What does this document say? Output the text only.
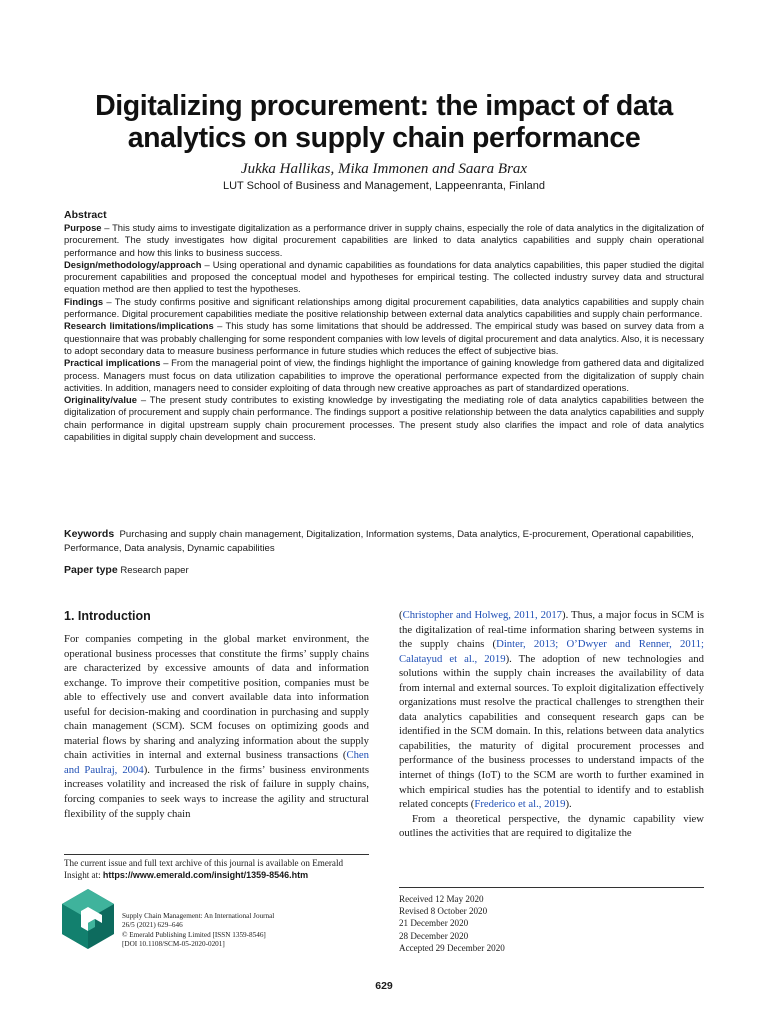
Digitalizing procurement: the impact of data analytics on supply chain performance
Jukka Hallikas, Mika Immonen and Saara Brax
LUT School of Business and Management, Lappeenranta, Finland
Abstract

Purpose – This study aims to investigate digitalization as a performance driver in supply chains, especially the role of data analytics in the digitalization of procurement. The study investigates how digital procurement capabilities are linked to data analytics capabilities and supply chain operational performance and how this links to business success.

Design/methodology/approach – Using operational and dynamic capabilities as foundations for data analytics capabilities, this paper studied the digital procurement capabilities and proposed the conceptual model and hypotheses for empirical testing. The collected industry survey data and structural equation method are then applied to test the hypotheses.

Findings – The study confirms positive and significant relationships among digital procurement capabilities, data analytics capabilities and supply chain performance. Digital procurement capabilities mediate the positive relationship between external data analytics capabilities and supply chain performance.

Research limitations/implications – This study has some limitations that should be addressed. The empirical study was based on survey data from a questionnaire that was probably challenging for some respondent companies with low levels of digital procurement and data analytics. Also, it is necessary to adopt secondary data to measure business performance in future studies which reduces the effect of subjective bias.

Practical implications – From the managerial point of view, the findings highlight the importance of gaining knowledge from gathered data and digitalized process. Managers must focus on data utilization capabilities to improve the operational performance expected from the digitalization of supply chain activities. In addition, managers need to consider exploiting of data through new creative approaches as part of standardized operations.

Originality/value – The present study contributes to existing knowledge by investigating the mediating role of data analytics capabilities between the digitalization of procurement and supply chain performance. The findings support a positive relationship between the data analytics capabilities and supply chain performance in digital upstream supply chain procurement processes. The present study also clarifies the impact and role of data analytics capabilities in digital supply chain development and success.

Keywords Purchasing and supply chain management, Digitalization, Information systems, Data analytics, E-procurement, Operational capabilities, Performance, Data analysis, Dynamic capabilities
Paper type Research paper
1. Introduction

For companies competing in the global market environment, the operational business processes that constitute the firms’ supply chains are characterized by excessive amounts of data and information exchange. To improve their competitive position, companies must be able to effectively use and convert available data into information useful for decision-making and coordination in purchasing and supply chain management (SCM). SCM focuses on optimizing goods and material flows by sharing and analyzing information about the supply chain activities in internal and external business transactions (Chen and Paulraj, 2004). Turbulence in the firms’ business environments increases volatility and increased the risk of failure in supply chains, forcing companies to seek ways to increase the agility and structural flexibility of the supply chain

(Christopher and Holweg, 2011, 2017). Thus, a major focus in SCM is the digitalization of real-time information sharing between systems in the supply chains (Dinter, 2013; O’Dwyer and Renner, 2011; Calatayud et al., 2019). The adoption of new technologies and solutions within the supply chain increases the availability of data from internal and external sources. To exploit digitalization effectively organizations must resolve the practical challenges to strengthen their data analytics capabilities and consequent research gaps can be identified in the SCM domain. In this, relations between data analytics capabilities, the maturity of digital procurement processes and performance of the business processes to understand impacts of the internet of things (IoT) to the SCM are worth to further examined in which empirical studies has the potential to identify and to establish related concepts (Frederico et al., 2019).

From a theoretical perspective, the dynamic capability view outlines the activities that are required to digitalize the

The current issue and full text archive of this journal is available on Emerald Insight at: https://www.emerald.com/insight/1359-8546.htm
Received 12 May 2020
Revised 8 October 2020
21 December 2020
28 December 2020
Accepted 29 December 2020
Supply Chain Management: An International Journal
26/5 (2021) 629–646
© Emerald Publishing Limited [ISSN 1359-8546]
[DOI 10.1108/SCM-05-2020-0201]
629
